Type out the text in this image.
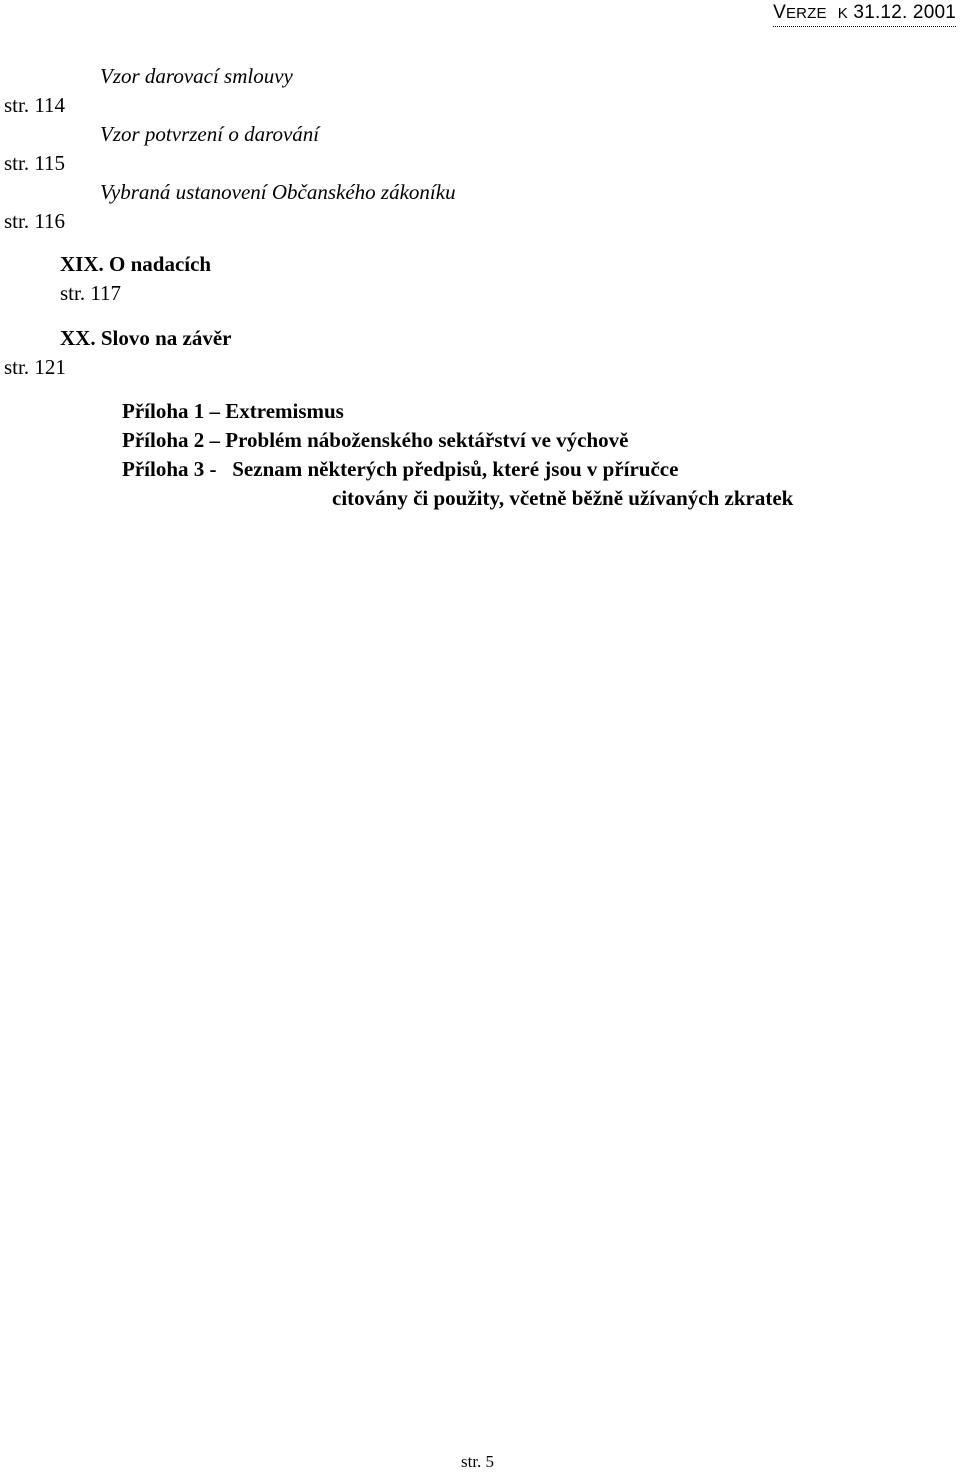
VERZE K 31.12. 2001
Vzor darovací smlouvy
str. 114
Vzor potvrzení o darování
str. 115
Vybraná ustanovení Občanského zákoníku
str. 116
XIX. O nadacích
str. 117
XX. Slovo na závěr
str. 121
Příloha 1 – Extremismus
Příloha 2 – Problém náboženského sektářství ve výchově
Příloha 3 - Seznam některých předpisů, které jsou v příručce
citovány či použity, včetně běžně užívaných zkratek
str. 5
